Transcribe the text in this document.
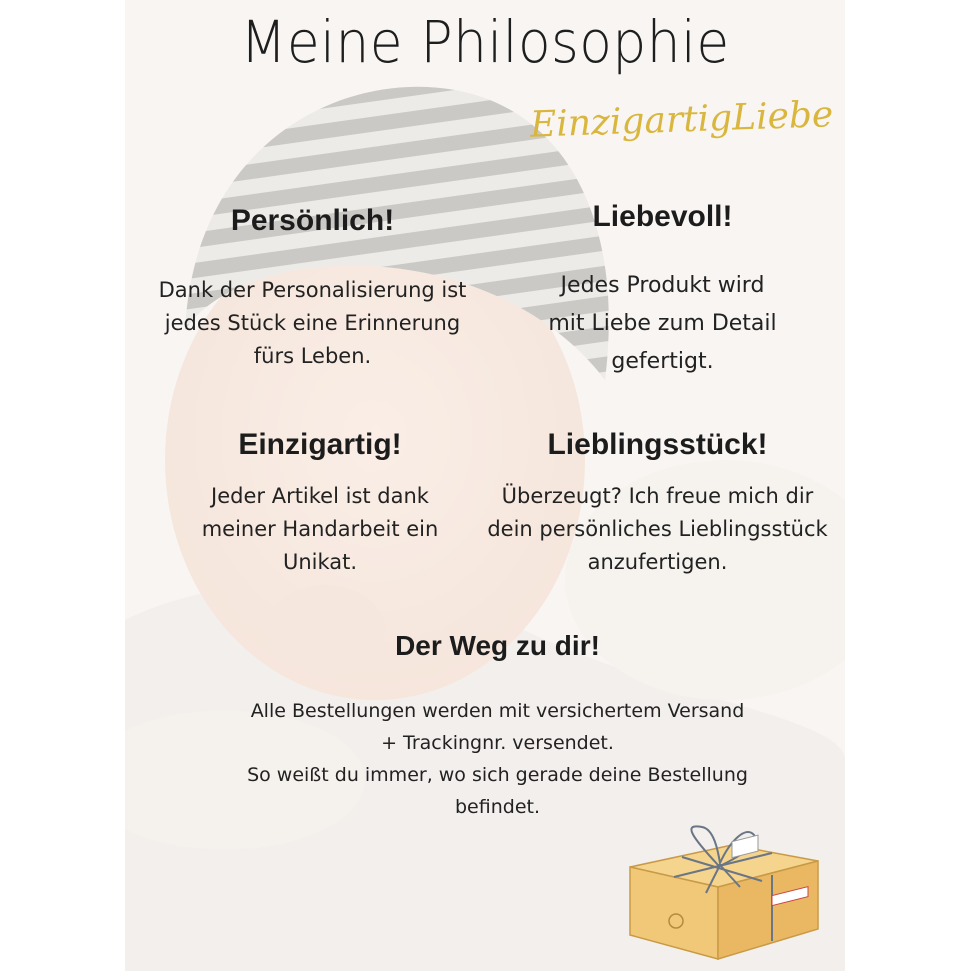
Meine Philosophie
EinzigartigLiebe
Persönlich!

Dank der Personalisierung ist
jedes Stück eine Erinnerung
fürs Leben.

Liebevoll!

Jedes Produkt wird
mit Liebe zum Detail
gefertigt.

Einzigartig!

Jeder Artikel ist dank
meiner Handarbeit ein
Unikat.

Lieblingsstück!

Überzeugt? Ich freue mich dir
dein persönliches Lieblingsstück
anzufertigen.

Der Weg zu dir!

Alle Bestellungen werden mit versichertem Versand
+ Trackingnr. versendet.
So weißt du immer, wo sich gerade deine Bestellung
befindet.
